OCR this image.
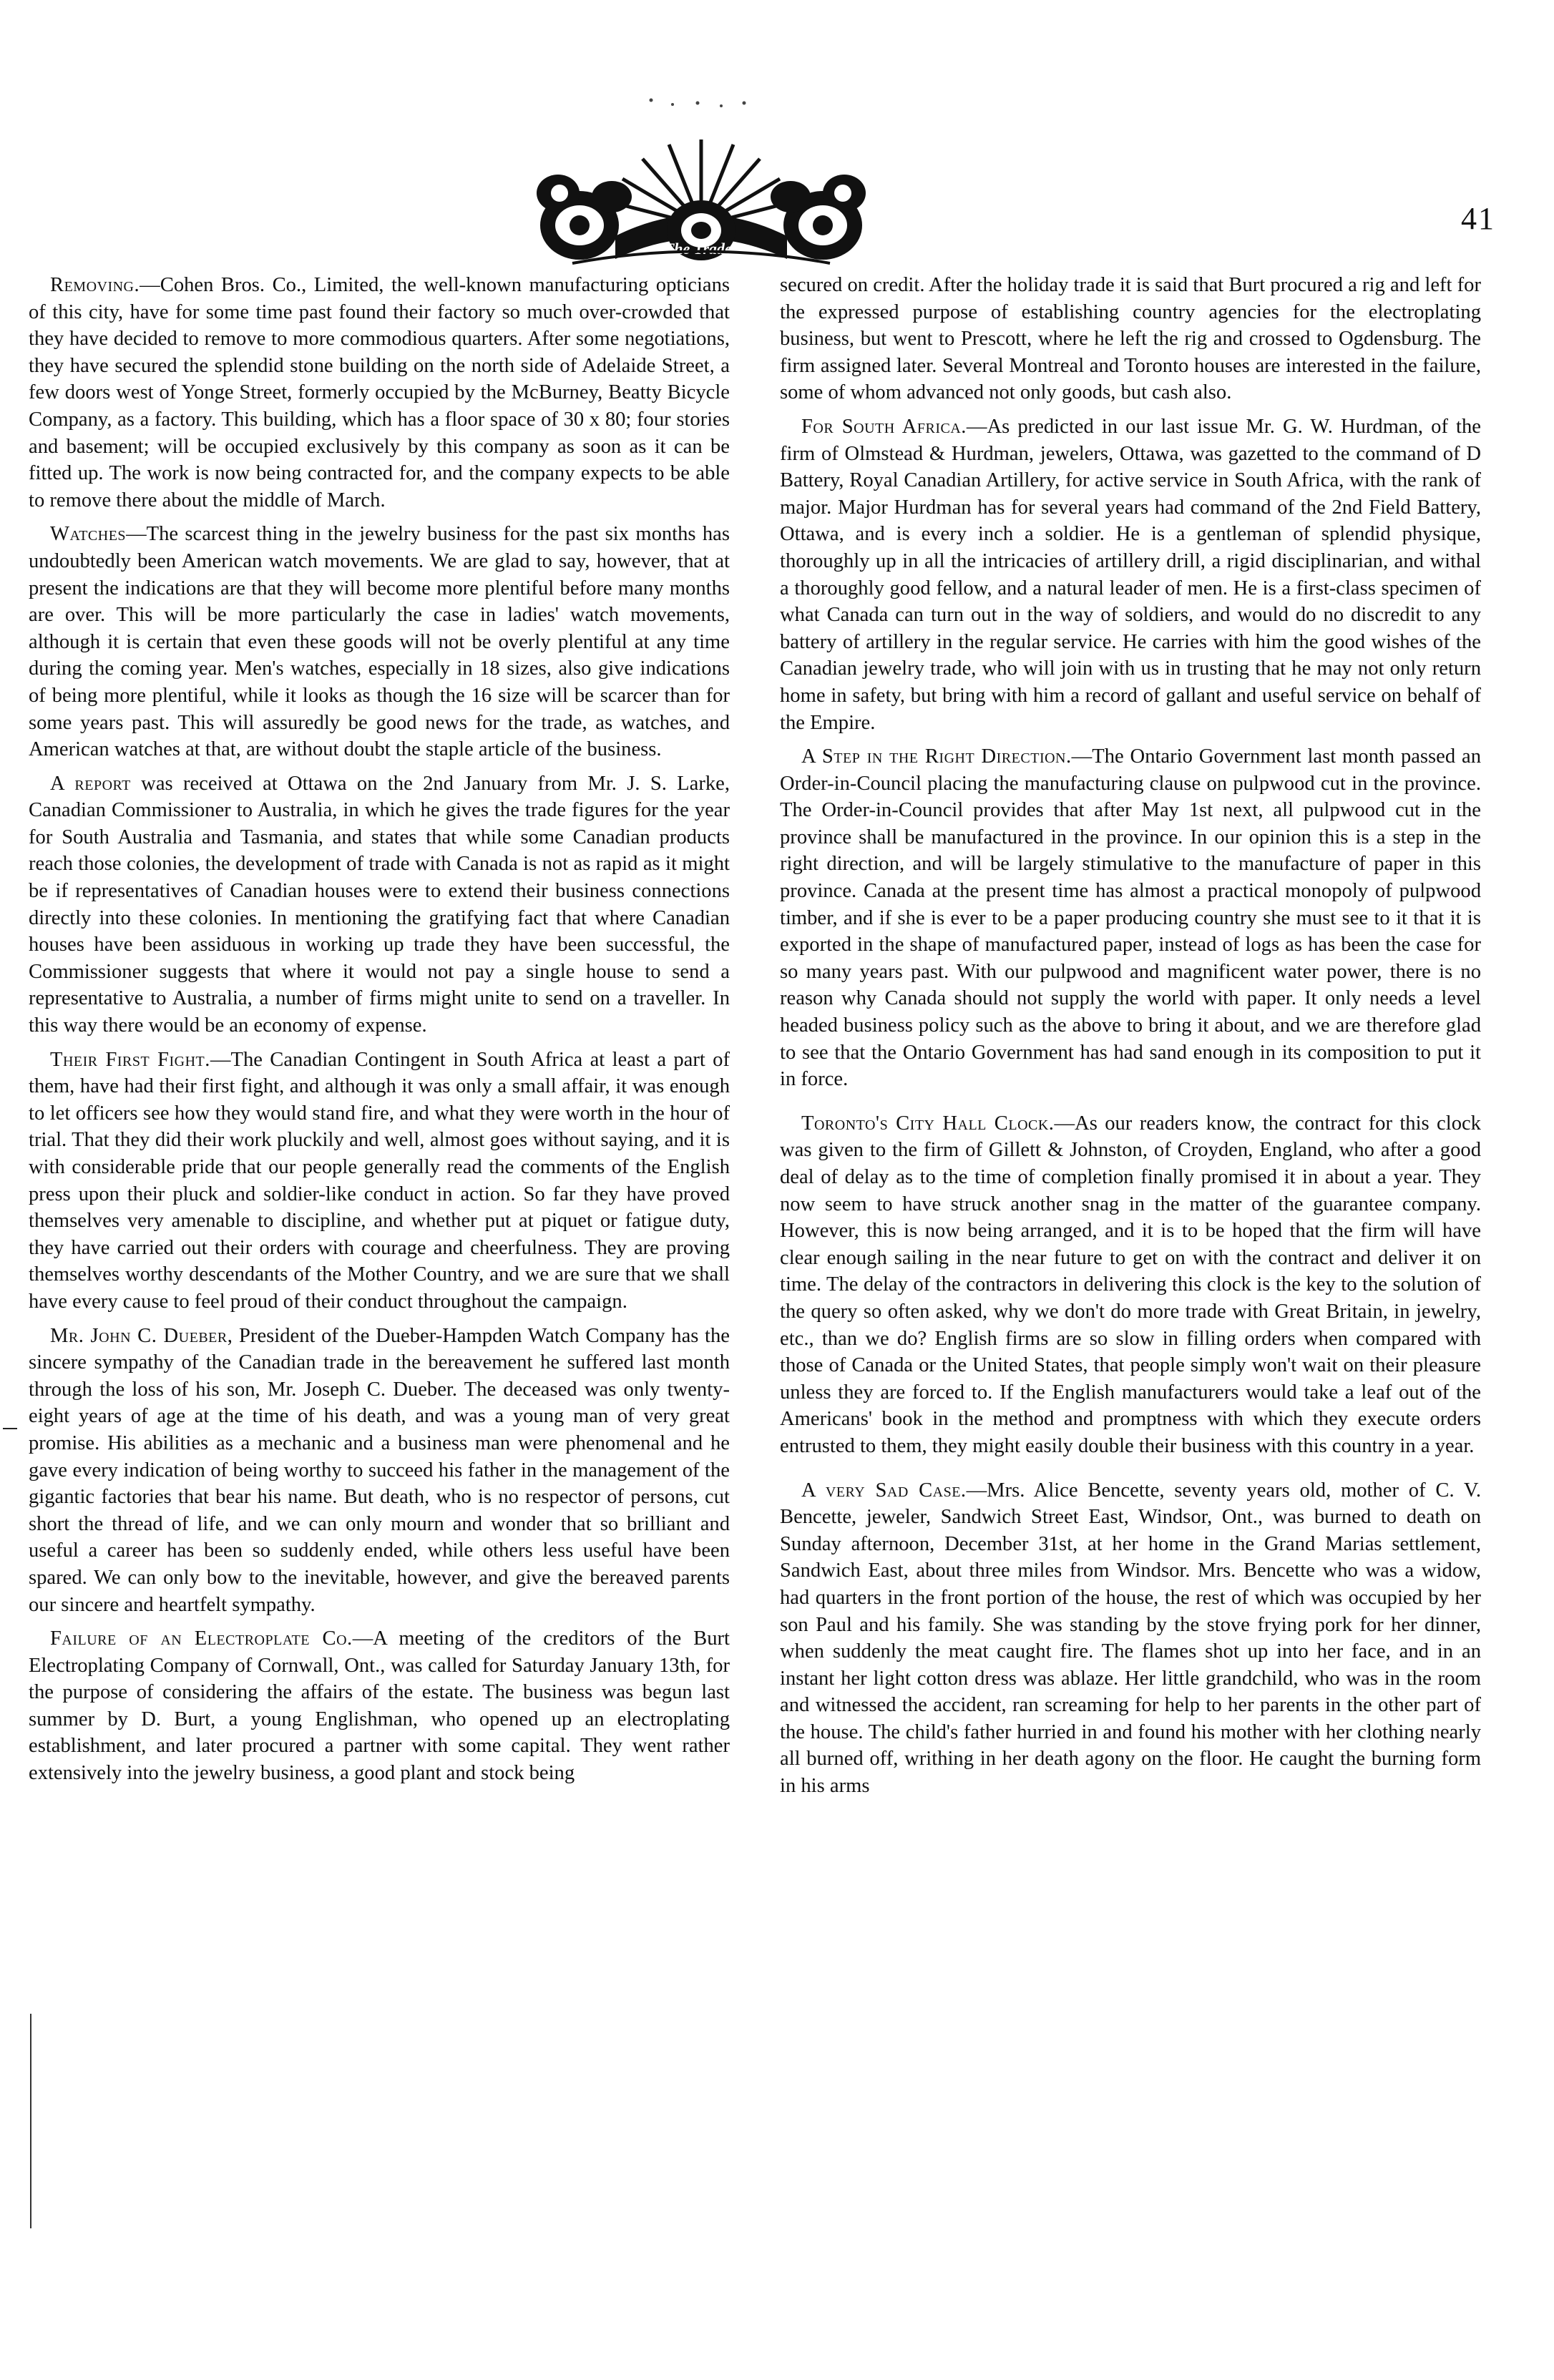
The Trader
41

Removing.—Cohen Bros. Co., Limited, the well-known manufacturing opticians of this city, have for some time past found their factory so much over-crowded that they have decided to remove to more commodious quarters. After some negotiations, they have secured the splendid stone building on the north side of Adelaide Street, a few doors west of Yonge Street, formerly occupied by the McBurney, Beatty Bicycle Company, as a factory. This building, which has a floor space of 30 x 80; four stories and basement; will be occupied exclusively by this company as soon as it can be fitted up. The work is now being contracted for, and the company expects to be able to remove there about the middle of March.

Watches—The scarcest thing in the jewelry business for the past six months has undoubtedly been American watch movements. We are glad to say, however, that at present the indications are that they will become more plentiful before many months are over. This will be more particularly the case in ladies' watch movements, although it is certain that even these goods will not be overly plentiful at any time during the coming year. Men's watches, especially in 18 sizes, also give indications of being more plentiful, while it looks as though the 16 size will be scarcer than for some years past. This will assuredly be good news for the trade, as watches, and American watches at that, are without doubt the staple article of the business.

A report was received at Ottawa on the 2nd January from Mr. J. S. Larke, Canadian Commissioner to Australia, in which he gives the trade figures for the year for South Australia and Tasmania, and states that while some Canadian products reach those colonies, the development of trade with Canada is not as rapid as it might be if representatives of Canadian houses were to extend their business connections directly into these colonies. In mentioning the gratifying fact that where Canadian houses have been assiduous in working up trade they have been successful, the Commissioner suggests that where it would not pay a single house to send a representative to Australia, a number of firms might unite to send on a traveller. In this way there would be an economy of expense.

Their First Fight.—The Canadian Contingent in South Africa at least a part of them, have had their first fight, and although it was only a small affair, it was enough to let officers see how they would stand fire, and what they were worth in the hour of trial. That they did their work pluckily and well, almost goes without saying, and it is with considerable pride that our people generally read the comments of the English press upon their pluck and soldier-like conduct in action. So far they have proved themselves very amenable to discipline, and whether put at piquet or fatigue duty, they have carried out their orders with courage and cheerfulness. They are proving themselves worthy descendants of the Mother Country, and we are sure that we shall have every cause to feel proud of their conduct throughout the campaign.

Mr. John C. Dueber, President of the Dueber-Hampden Watch Company has the sincere sympathy of the Canadian trade in the bereavement he suffered last month through the loss of his son, Mr. Joseph C. Dueber. The deceased was only twenty-eight years of age at the time of his death, and was a young man of very great promise. His abilities as a mechanic and a business man were phenomenal and he gave every indication of being worthy to succeed his father in the management of the gigantic factories that bear his name. But death, who is no respector of persons, cut short the thread of life, and we can only mourn and wonder that so brilliant and useful a career has been so suddenly ended, while others less useful have been spared. We can only bow to the inevitable, however, and give the bereaved parents our sincere and heartfelt sympathy.

Failure of an Electroplate Co.—A meeting of the creditors of the Burt Electroplating Company of Cornwall, Ont., was called for Saturday January 13th, for the purpose of considering the affairs of the estate. The business was begun last summer by D. Burt, a young Englishman, who opened up an electroplating establishment, and later procured a partner with some capital. They went rather extensively into the jewelry business, a good plant and stock being

secured on credit. After the holiday trade it is said that Burt procured a rig and left for the expressed purpose of establishing country agencies for the electroplating business, but went to Prescott, where he left the rig and crossed to Ogdensburg. The firm assigned later. Several Montreal and Toronto houses are interested in the failure, some of whom advanced not only goods, but cash also.

For South Africa.—As predicted in our last issue Mr. G. W. Hurdman, of the firm of Olmstead & Hurdman, jewelers, Ottawa, was gazetted to the command of D Battery, Royal Canadian Artillery, for active service in South Africa, with the rank of major. Major Hurdman has for several years had command of the 2nd Field Battery, Ottawa, and is every inch a soldier. He is a gentleman of splendid physique, thoroughly up in all the intricacies of artillery drill, a rigid disciplinarian, and withal a thoroughly good fellow, and a natural leader of men. He is a first-class specimen of what Canada can turn out in the way of soldiers, and would do no discredit to any battery of artillery in the regular service. He carries with him the good wishes of the Canadian jewelry trade, who will join with us in trusting that he may not only return home in safety, but bring with him a record of gallant and useful service on behalf of the Empire.

A Step in the Right Direction.—The Ontario Government last month passed an Order-in-Council placing the manufacturing clause on pulpwood cut in the province. The Order-in-Council provides that after May 1st next, all pulpwood cut in the province shall be manufactured in the province. In our opinion this is a step in the right direction, and will be largely stimulative to the manufacture of paper in this province. Canada at the present time has almost a practical monopoly of pulpwood timber, and if she is ever to be a paper producing country she must see to it that it is exported in the shape of manufactured paper, instead of logs as has been the case for so many years past. With our pulpwood and magnificent water power, there is no reason why Canada should not supply the world with paper. It only needs a level headed business policy such as the above to bring it about, and we are therefore glad to see that the Ontario Government has had sand enough in its composition to put it in force.

Toronto's City Hall Clock.—As our readers know, the contract for this clock was given to the firm of Gillett & Johnston, of Croyden, England, who after a good deal of delay as to the time of completion finally promised it in about a year. They now seem to have struck another snag in the matter of the guarantee company. However, this is now being arranged, and it is to be hoped that the firm will have clear enough sailing in the near future to get on with the contract and deliver it on time. The delay of the contractors in delivering this clock is the key to the solution of the query so often asked, why we don't do more trade with Great Britain, in jewelry, etc., than we do? English firms are so slow in filling orders when compared with those of Canada or the United States, that people simply won't wait on their pleasure unless they are forced to. If the English manufacturers would take a leaf out of the Americans' book in the method and promptness with which they execute orders entrusted to them, they might easily double their business with this country in a year.

A very Sad Case.—Mrs. Alice Bencette, seventy years old, mother of C. V. Bencette, jeweler, Sandwich Street East, Windsor, Ont., was burned to death on Sunday afternoon, December 31st, at her home in the Grand Marias settlement, Sandwich East, about three miles from Windsor. Mrs. Bencette who was a widow, had quarters in the front portion of the house, the rest of which was occupied by her son Paul and his family. She was standing by the stove frying pork for her dinner, when suddenly the meat caught fire. The flames shot up into her face, and in an instant her light cotton dress was ablaze. Her little grandchild, who was in the room and witnessed the accident, ran screaming for help to her parents in the other part of the house. The child's father hurried in and found his mother with her clothing nearly all burned off, writhing in her death agony on the floor. He caught the burning form in his arms
